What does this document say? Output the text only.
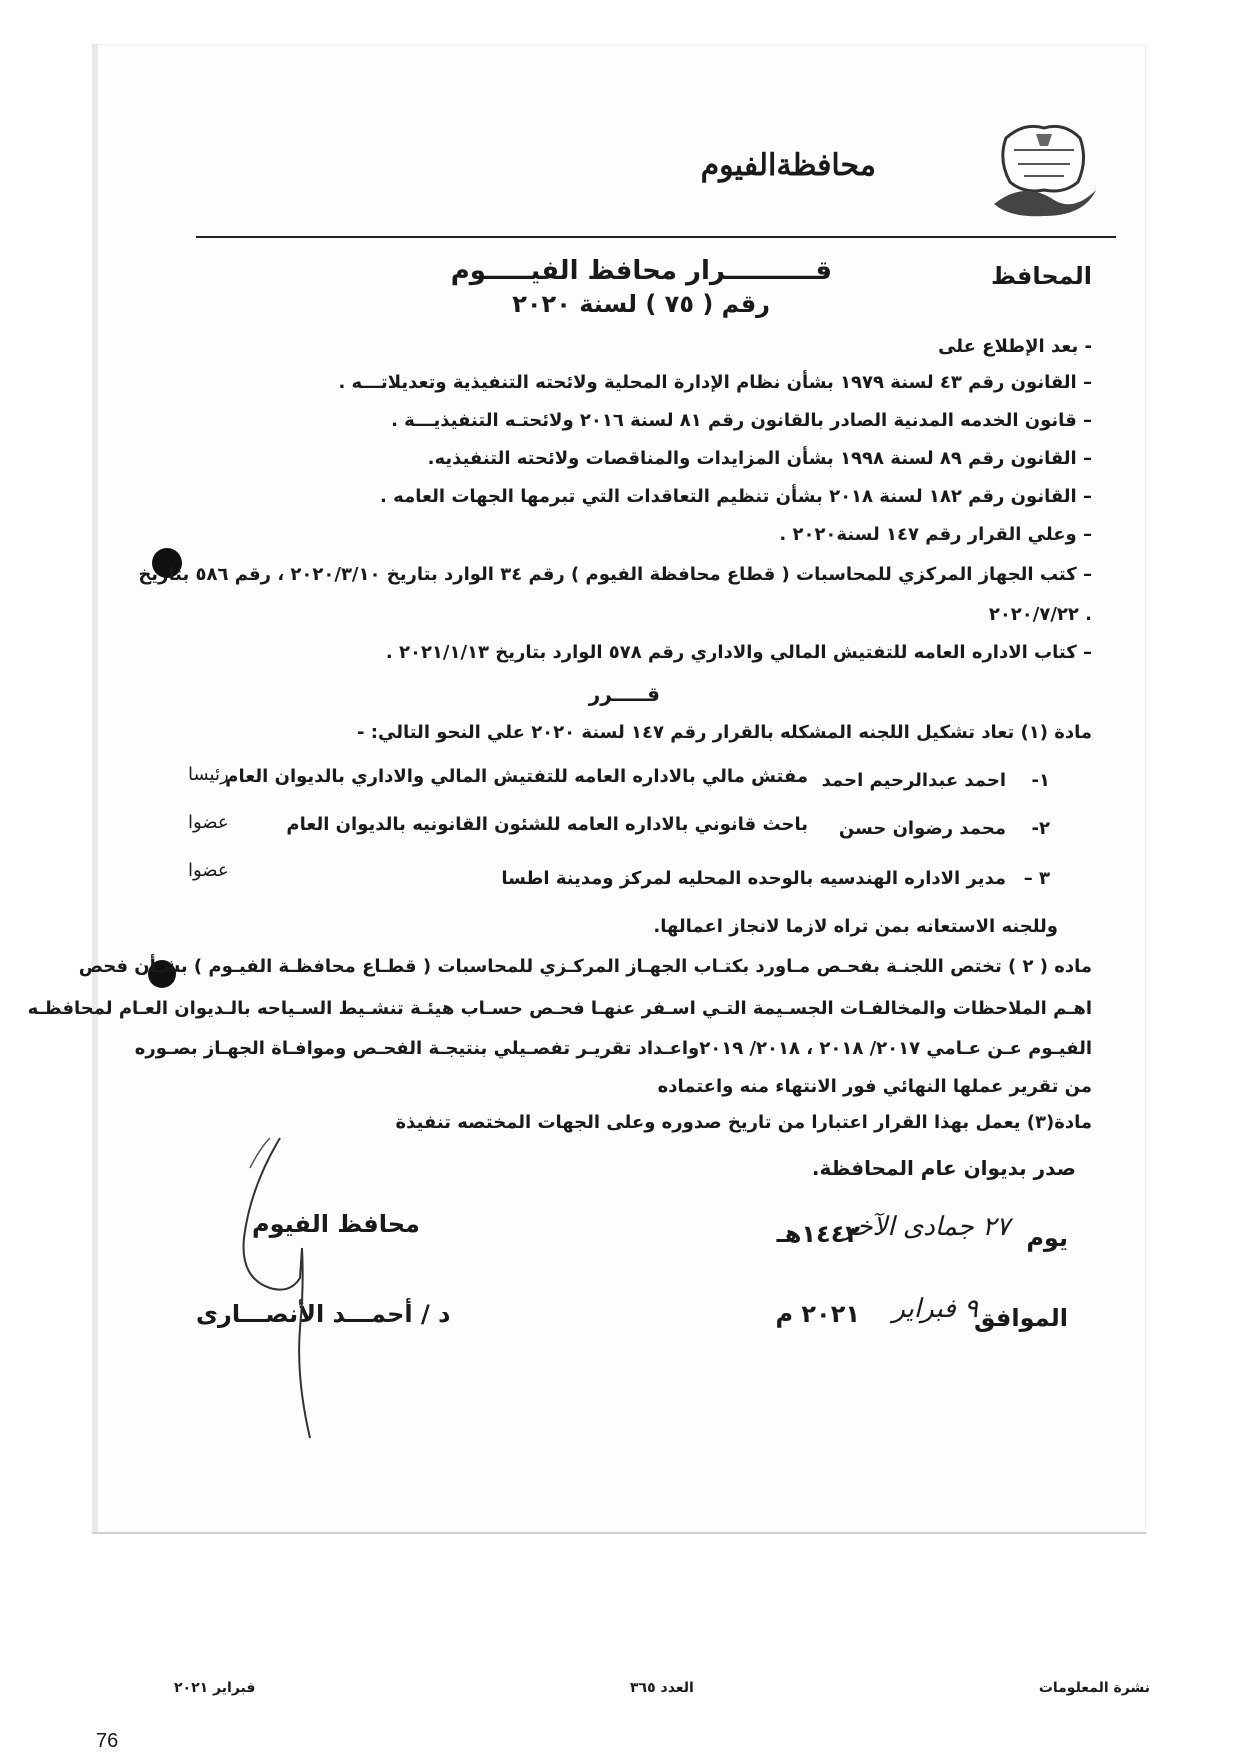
محافظةالفيوم
المحافظ
قــــــــــرار محافظ الفيـــــوم
رقم ( ٧٥ ) لسنة ٢٠٢٠
- بعد الإطلاع على
– القانون رقم ٤٣ لسنة ١٩٧٩ بشأن نظام الإدارة المحلية ولائحته التنفيذية وتعديلاتـــه .
– قانون الخدمه المدنية الصادر بالقانون رقم ٨١ لسنة ٢٠١٦ ولائحتـه التنفيذيـــة .
– القانون رقم ٨٩ لسنة ١٩٩٨ بشأن المزايدات والمناقصات ولائحته التنفيذيه.
– القانون رقم ١٨٢ لسنة ٢٠١٨ بشأن تنظيم التعاقدات التي تبرمها الجهات العامه .
– وعلي القرار رقم ١٤٧ لسنة٢٠٢٠ .
– كتب الجهاز المركزي للمحاسبات ( قطاع محافظة الفيوم ) رقم ٣٤ الوارد بتاريخ ٢٠٢٠/٣/١٠ ، رقم ٥٨٦ بتاريخ
. ٢٠٢٠/٧/٢٢
– كتاب الاداره العامه للتفتيش المالي والاداري رقم ٥٧٨ الوارد بتاريخ ٢٠٢١/١/١٣ .
قـــــرر
مادة (١) تعاد تشكيل اللجنه المشكله بالقرار رقم ١٤٧ لسنة ٢٠٢٠ علي النحو التالي: -
١-
احمد عبدالرحيم احمد
مفتش مالي بالاداره العامه للتفتيش المالي والاداري بالديوان العام
رئيسا
٢-
محمد رضوان حسن
باحث قانوني بالاداره العامه للشئون القانونيه بالديوان العام
عضوا
٣ –
مدير الاداره الهندسيه بالوحده المحليه لمركز ومدينة اطسا
عضوا
وللجنه الاستعانه بمن تراه لازما لانجاز اعمالها.
ماده ( ٢ ) تختص اللجنـة بفحـص مـاورد بكتـاب الجهـاز المركـزي للمحاسبات ( قطـاع محافظـة الفيـوم ) بشـأن فحص
اهـم الملاحظات والمخالفـات الجسـيمة التـي اسـفر عنهـا فحـص حسـاب هيئـة تنشـيط السـياحه بالـديوان العـام لمحافظـه
الفيـوم عـن عـامي ٢٠١٧/ ٢٠١٨ ، ٢٠١٨/ ٢٠١٩واعـداد تقريـر تفصـيلي بنتيجـة الفحـص وموافـاة الجهـاز بصـوره
من تقرير عملها النهائي فور الانتهاء منه واعتماده
مادة(٣) يعمل بهذا القرار اعتبارا من تاريخ صدوره وعلى الجهات المختصه تنفيذة
صدر بديوان عام المحافظة.
يوم
٢٧ جمادى الآخر
١٤٤٢هـ
الموافق
٩ فبراير
٢٠٢١ م
محافظ الفيوم
د / أحمـــد الأنصـــارى
نشرة المعلومات
العدد ٣٦٥
فبراير ٢٠٢١
76
